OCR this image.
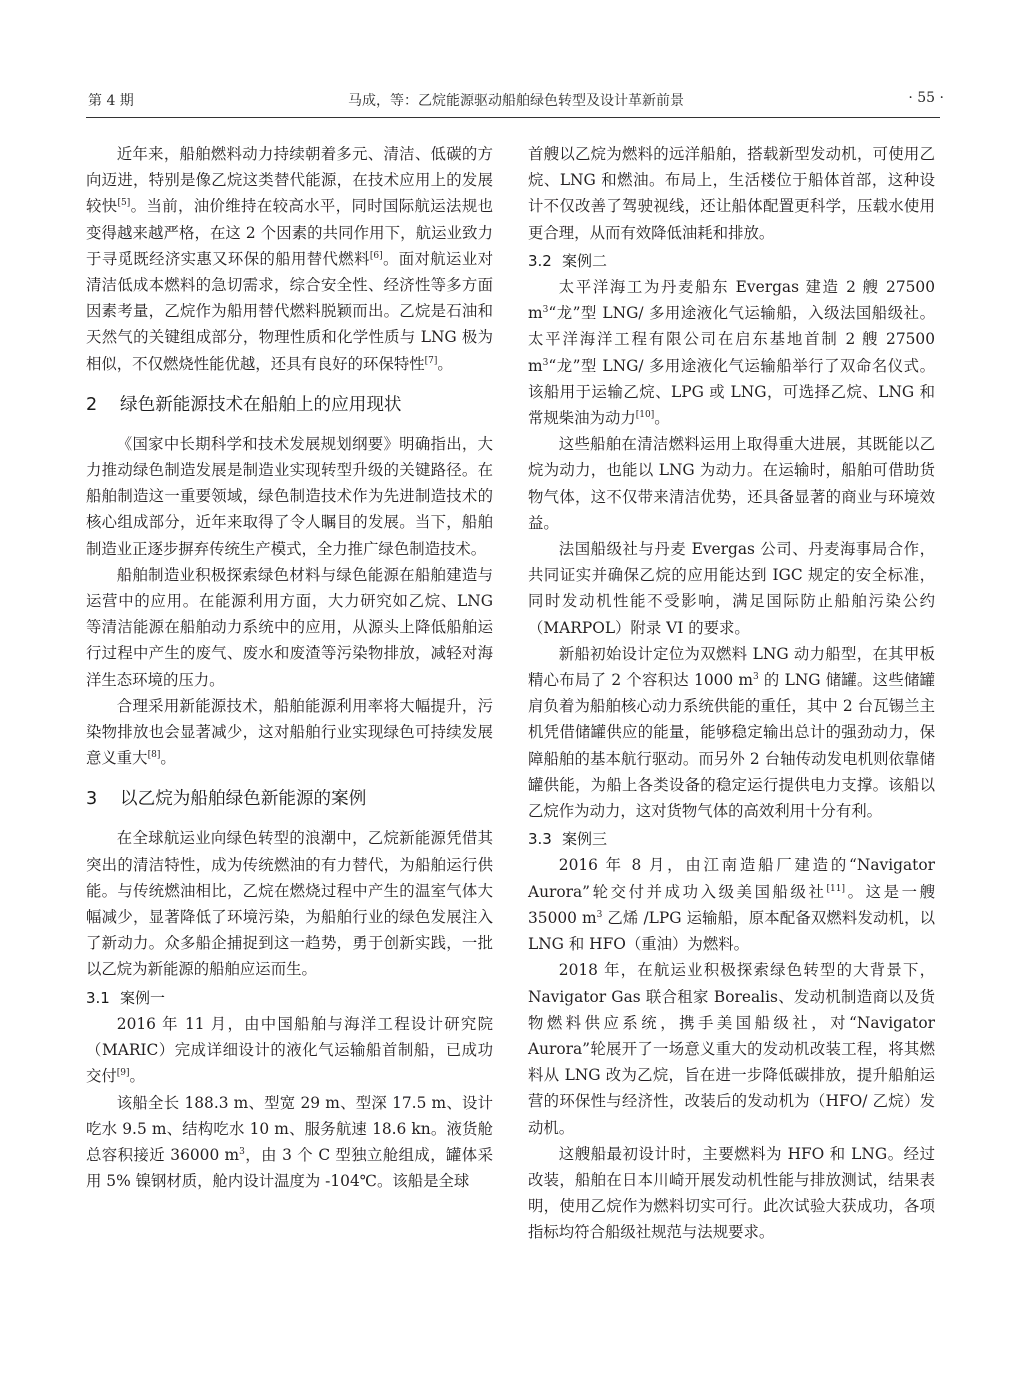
第 4 期	马成，等：乙烷能源驱动船舶绿色转型及设计革新前景	· 55 ·

近年来，船舶燃料动力持续朝着多元、清洁、低碳的方向迈进，特别是像乙烷这类替代能源，在技术应用上的发展较快[5]。当前，油价维持在较高水平，同时国际航运法规也变得越来越严格，在这 2 个因素的共同作用下，航运业致力于寻觅既经济实惠又环保的船用替代燃料[6]。面对航运业对清洁低成本燃料的急切需求，综合安全性、经济性等多方面因素考量，乙烷作为船用替代燃料脱颖而出。乙烷是石油和天然气的关键组成部分，物理性质和化学性质与 LNG 极为相似，不仅燃烧性能优越，还具有良好的环保特性[7]。

2 绿色新能源技术在船舶上的应用现状

《国家中长期科学和技术发展规划纲要》明确指出，大力推动绿色制造发展是制造业实现转型升级的关键路径。在船舶制造这一重要领域，绿色制造技术作为先进制造技术的核心组成部分，近年来取得了令人瞩目的发展。当下，船舶制造业正逐步摒弃传统生产模式，全力推广绿色制造技术。

船舶制造业积极探索绿色材料与绿色能源在船舶建造与运营中的应用。在能源利用方面，大力研究如乙烷、LNG 等清洁能源在船舶动力系统中的应用，从源头上降低船舶运行过程中产生的废气、废水和废渣等污染物排放，减轻对海洋生态环境的压力。

合理采用新能源技术，船舶能源利用率将大幅提升，污染物排放也会显著减少，这对船舶行业实现绿色可持续发展意义重大[8]。

3 以乙烷为船舶绿色新能源的案例

在全球航运业向绿色转型的浪潮中，乙烷新能源凭借其突出的清洁特性，成为传统燃油的有力替代，为船舶运行供能。与传统燃油相比，乙烷在燃烧过程中产生的温室气体大幅减少，显著降低了环境污染，为船舶行业的绿色发展注入了新动力。众多船企捕捉到这一趋势，勇于创新实践，一批以乙烷为新能源的船舶应运而生。

3.1 案例一

2016 年 11 月，由中国船舶与海洋工程设计研究院（MARIC）完成详细设计的液化气运输船首制船，已成功交付[9]。

该船全长 188.3 m、型宽 29 m、型深 17.5 m、设计吃水 9.5 m、结构吃水 10 m、服务航速 18.6 kn。液货舱总容积接近 36000 $m^3$，由 3 个 C 型独立舱组成，罐体采用 5% 镍钢材质，舱内设计温度为 -104℃。该船是全球

首艘以乙烷为燃料的远洋船舶，搭载新型发动机，可使用乙烷、LNG 和燃油。布局上，生活楼位于船体首部，这种设计不仅改善了驾驶视线，还让船体配置更科学，压载水使用更合理，从而有效降低油耗和排放。

3.2 案例二

太平洋海工为丹麦船东 Evergas 建造 2 艘 27500 $m^3“$龙”型 LNG/ 多用途液化气运输船，入级法国船级社。太平洋海洋工程有限公司在启东基地首制 2 艘 27500 $m^3“$龙”型 LNG/ 多用途液化气运输船举行了双命名仪式。该船用于运输乙烷、LPG 或 LNG，可选择乙烷、LNG 和常规柴油为动力[10]。

这些船舶在清洁燃料运用上取得重大进展，其既能以乙烷为动力，也能以 LNG 为动力。在运输时，船舶可借助货物气体，这不仅带来清洁优势，还具备显著的商业与环境效益。

法国船级社与丹麦 Evergas 公司、丹麦海事局合作，共同证实并确保乙烷的应用能达到 IGC 规定的安全标准，同时发动机性能不受影响，满足国际防止船舶污染公约（MARPOL）附录 VI 的要求。

新船初始设计定位为双燃料 LNG 动力船型，在其甲板精心布局了 2 个容积达 1000 $m^3$ 的 LNG 储罐。这些储罐肩负着为船舶核心动力系统供能的重任，其中 2 台瓦锡兰主机凭借储罐供应的能量，能够稳定输出总计的强劲动力，保障船舶的基本航行驱动。而另外 2 台轴传动发电机则依靠储罐供能，为船上各类设备的稳定运行提供电力支撑。该船以乙烷作为动力，这对货物气体的高效利用十分有利。

3.3 案例三

2016 年 8 月，由江南造船厂建造的“Navigator Aurora”轮交付并成功入级美国船级社[11]。这是一艘 35000 $m^3$ 乙烯 /LPG 运输船，原本配备双燃料发动机，以 LNG 和 HFO（重油）为燃料。

2018 年，在航运业积极探索绿色转型的大背景下，Navigator Gas 联合租家 Borealis、发动机制造商以及货物燃料供应系统，携手美国船级社，对“Navigator Aurora”轮展开了一场意义重大的发动机改装工程，将其燃料从 LNG 改为乙烷，旨在进一步降低碳排放，提升船舶运营的环保性与经济性，改装后的发动机为（HFO/ 乙烷）发动机。

这艘船最初设计时，主要燃料为 HFO 和 LNG。经过改装，船舶在日本川崎开展发动机性能与排放测试，结果表明，使用乙烷作为燃料切实可行。此次试验大获成功，各项指标均符合船级社规范与法规要求。
